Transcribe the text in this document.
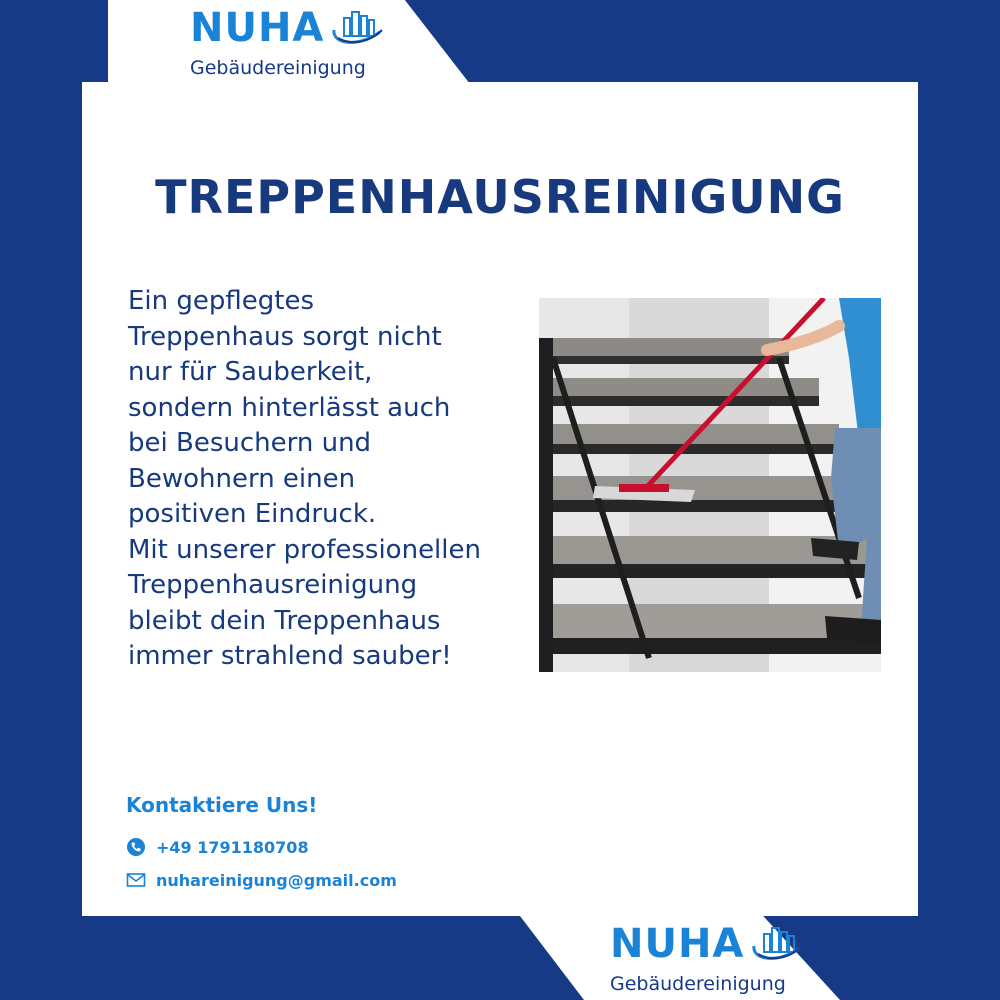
NUHA
Gebäudereinigung
TREPPENHAUSREINIGUNG

Ein gepflegtes
Treppenhaus sorgt nicht
nur für Sauberkeit,
sondern hinterlässt auch
bei Besuchern und
Bewohnern einen
positiven Eindruck.
Mit unserer professionellen
Treppenhausreinigung
bleibt dein Treppenhaus
immer strahlend sauber!

Kontaktiere Uns!
+49 1791180708
nuhareinigung@gmail.com
NUHA
Gebäudereinigung
